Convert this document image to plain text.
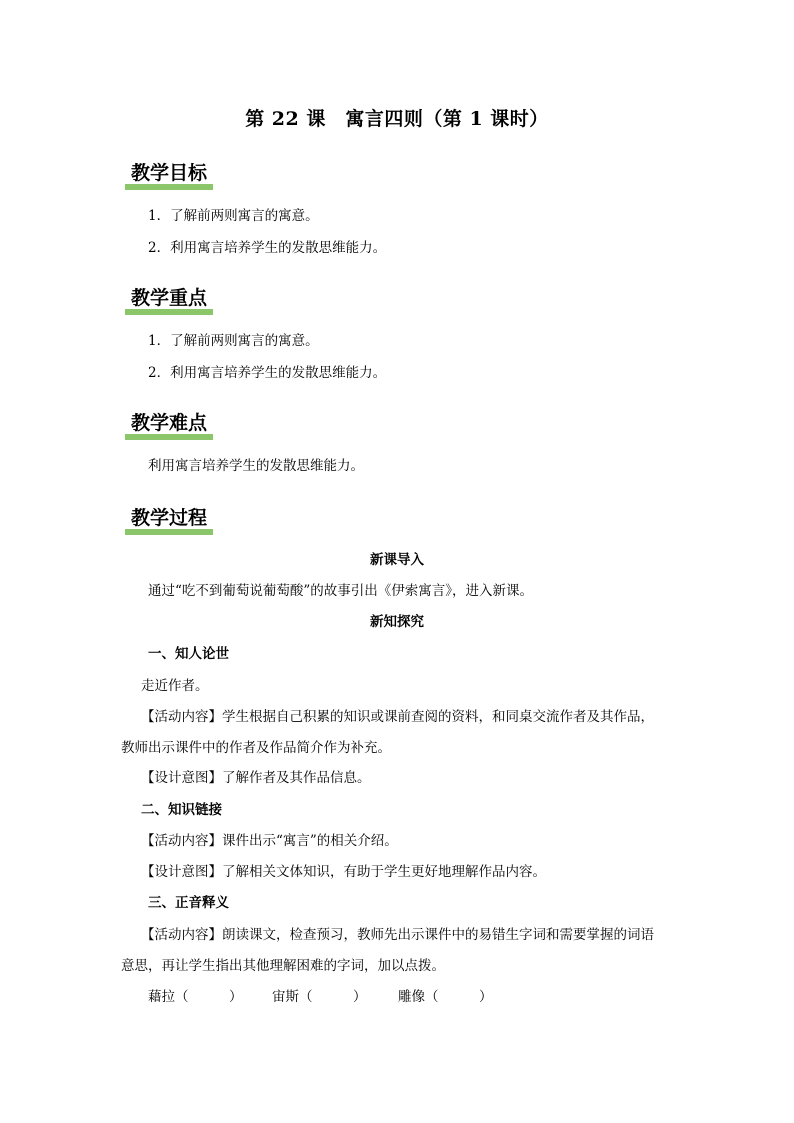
第 22 课　寓言四则（第 1 课时）
教学目标
1．了解前两则寓言的寓意。
2．利用寓言培养学生的发散思维能力。
教学重点
1．了解前两则寓言的寓意。
2．利用寓言培养学生的发散思维能力。
教学难点
利用寓言培养学生的发散思维能力。
教学过程
新课导入
通过“吃不到葡萄说葡萄酸”的故事引出《伊索寓言》，进入新课。
新知探究
一、知人论世
走近作者。
【活动内容】学生根据自己积累的知识或课前查阅的资料，和同桌交流作者及其作品，
教师出示课件中的作者及作品简介作为补充。
【设计意图】了解作者及其作品信息。
二、知识链接
【活动内容】课件出示“寓言”的相关介绍。
【设计意图】了解相关文体知识，有助于学生更好地理解作品内容。
三、正音释义
【活动内容】朗读课文，检查预习，教师先出示课件中的易错生字词和需要掌握的词语
意思，再让学生指出其他理解困难的字词，加以点拨。
藉拉（　　　） 宙斯（　　　） 雕像（　　　）
